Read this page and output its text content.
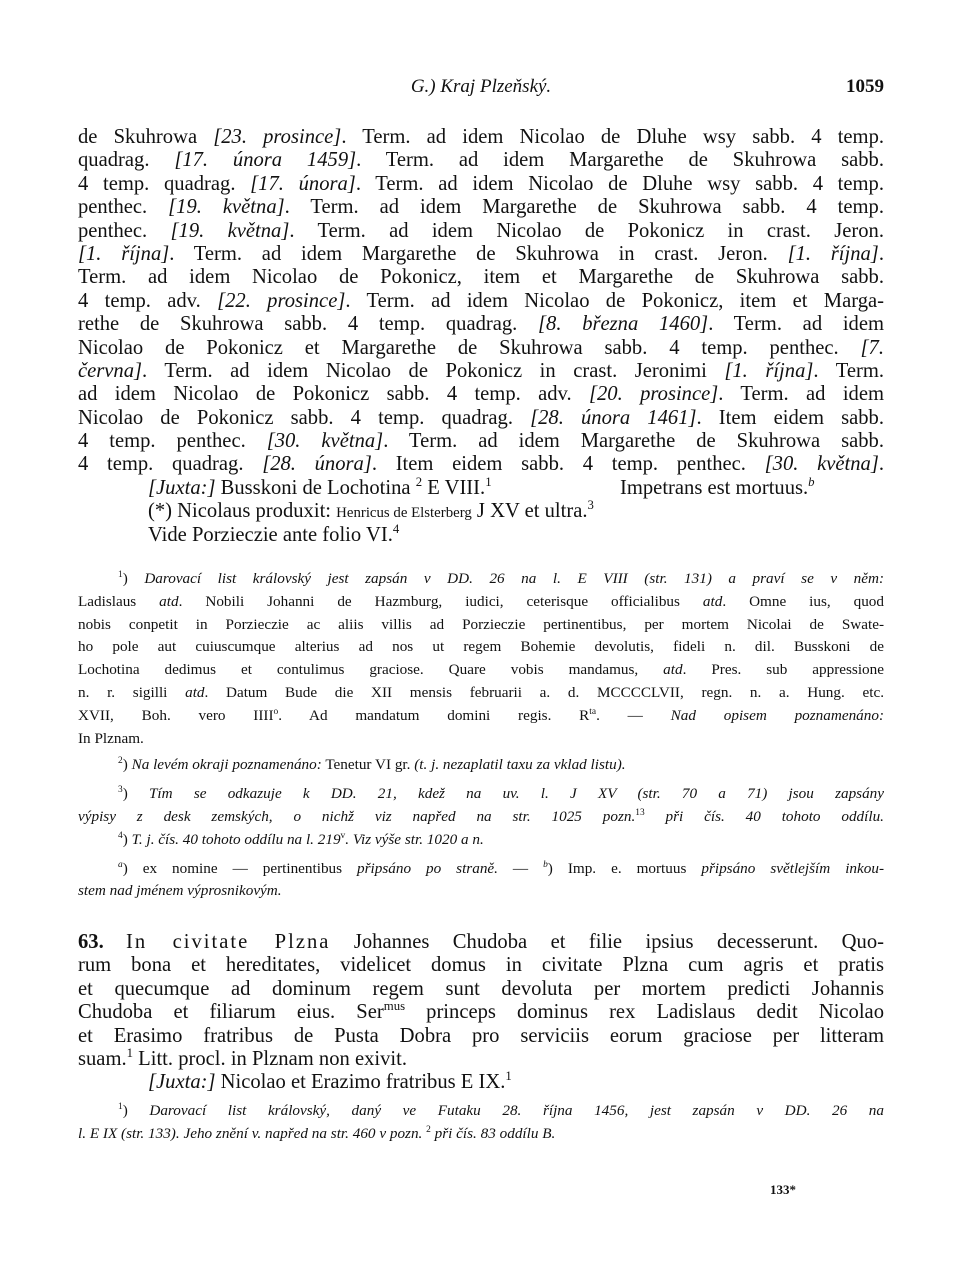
G.) Kraj Plzeňský.	1059
de Skuhrowa [23. prosince]. Term. ad idem Nicolao de Dluhe wsy sabb. 4 temp.
quadrag. [17. února 1459]. Term. ad idem Margarethe de Skuhrowa sabb.
4 temp. quadrag. [17. února]. Term. ad idem Nicolao de Dluhe wsy sabb. 4 temp.
penthec. [19. května]. Term. ad idem Margarethe de Skuhrowa sabb. 4 temp.
penthec. [19. května]. Term. ad idem Nicolao de Pokonicz in crast. Jeron.
[1. října]. Term. ad idem Margarethe de Skuhrowa in crast. Jeron. [1. října].
Term. ad idem Nicolao de Pokonicz, item et Margarethe de Skuhrowa sabb.
4 temp. adv. [22. prosince]. Term. ad idem Nicolao de Pokonicz, item et Marga-
rethe de Skuhrowa sabb. 4 temp. quadrag. [8. března 1460]. Term. ad idem
Nicolao de Pokonicz et Margarethe de Skuhrowa sabb. 4 temp. penthec. [7.
června]. Term. ad idem Nicolao de Pokonicz in crast. Jeronimi [1. října]. Term.
ad idem Nicolao de Pokonicz sabb. 4 temp. adv. [20. prosince]. Term. ad idem
Nicolao de Pokonicz sabb. 4 temp. quadrag. [28. února 1461]. Item eidem sabb.
4 temp. penthec. [30. května]. Term. ad idem Margarethe de Skuhrowa sabb.
4 temp. quadrag. [28. února]. Item eidem sabb. 4 temp. penthec. [30. května].
[Juxta:] Busskoni de Lochotina $^2$ E VIII.$^1$	Impetrans est mortuus.$^b$
(*) Nicolaus produxit: Henricus de Elsterberg J XV et ultra.$^3$
Vide Porzieczie ante folio VI.$^4$
$^1$) Darovací list královský jest zapsán v DD. 26 na l. E VIII (str. 131) a praví se v něm:
Ladislaus atd. Nobili Johanni de Hazmburg, iudici, ceterisque officialibus atd. Omne ius, quod
nobis conpetit in Porzieczie ac aliis villis ad Porzieczie pertinentibus, per mortem Nicolai de Swate-
ho pole aut cuiuscumque alterius ad nos ut regem Bohemie devolutis, fideli n. dil. Busskoni de
Lochotina dedimus et contulimus graciose. Quare vobis mandamus, atd. Pres. sub appressione
n. r. sigilli atd. Datum Bude die XII mensis februarii a. d. MCCCCLVII, regn. n. a. Hung. etc.
XVII, Boh. vero IIII$^o$. Ad mandatum domini regis. $R^{ta}$. — Nad opisem poznamenáno:
In Plznam.
$^2$) Na levém okraji poznamenáno: Tenetur VI gr. (t. j. nezaplatil taxu za vklad listu).
$^3$) Tím se odkazuje k DD. 21, kdež na uv. l. J XV (str. 70 a 71) jsou zapsány
výpisy z desk zemských, o nichž viz napřed na str. 1025 pozn.$^{13}$ při čís. 40 tohoto oddílu.
$^4$) T. j. čís. 40 tohoto oddílu na l. 219$^v$. Viz výše str. 1020 a n.
$^a$) ex nomine — pertinentibus připsáno po straně. — $^b$) Imp. e. mortuus připsáno světlejším inkou-
stem nad jménem výprosnikovým.
63. In civitate Plzna Johannes Chudoba et filie ipsius decesserunt. Quo-
rum bona et hereditates, videlicet domus in civitate Plzna cum agris et pratis
et quecumque ad dominum regem sunt devoluta per mortem predicti Johannis
Chudoba et filiarum eius. Ser$^{mus}$ princeps dominus rex Ladislaus dedit Nicolao
et Erasimo fratribus de Pusta Dobra pro serviciis eorum graciose per litteram
suam.$^1$ Litt. procl. in Plznam non exivit.
[Juxta:] Nicolao et Erazimo fratribus E IX.$^1$
$^1$) Darovací list královský, daný ve Futaku 28. října 1456, jest zapsán v DD. 26 na
l. E IX (str. 133). Jeho znění v. napřed na str. 460 v pozn. $^2$ při čís. 83 oddílu B.
133*
